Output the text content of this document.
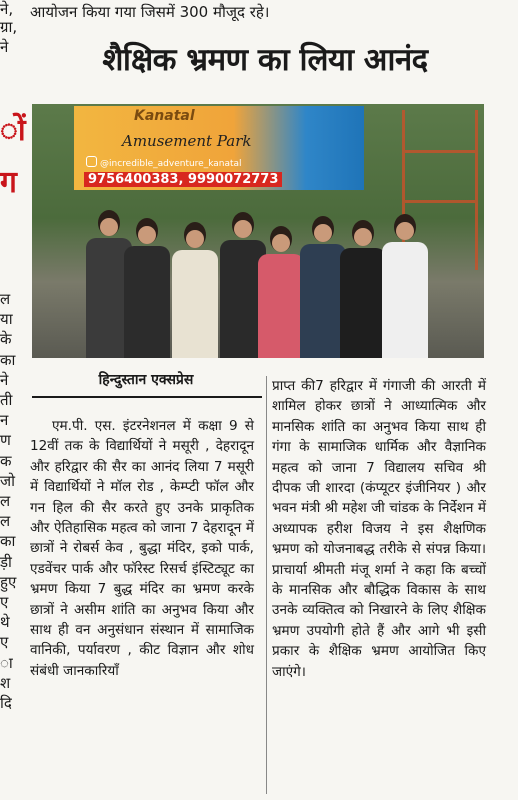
ने,
ग्रा,
ने
ों
ग
ल
या
के
का
ने
ती
न
ण
क
जो
ल
ल
का
ड़ी
हुए
ए
थे
ए
ा
श
दि
आयोजन किया गया जिसमें 300 मौजूद रहे।
शैक्षिक भ्रमण का लिया आनंद
Kanatal
Amusement Park
@incredible_adventure_kanatal
9756400383, 9990072773
हिन्दुस्तान एक्सप्रेस
एम.पी. एस. इंटरनेशनल में कक्षा 9 से 12वीं तक के विद्यार्थियों ने मसूरी , देहरादून और हरिद्वार की सैर का आनंद लिया 7 मसूरी में विद्यार्थियों ने मॉल रोड , केम्प्टी फॉल और गन हिल की सैर करते हुए उनके प्राकृतिक और ऐतिहासिक महत्व को जाना 7 देहरादून में छात्रों ने रोबर्स केव , बुद्धा मंदिर, इको पार्क, एडवेंचर पार्क और फॉरेस्ट रिसर्च इंस्टिट्यूट का भ्रमण किया 7 बुद्ध मंदिर का भ्रमण करके छात्रों ने असीम शांति का अनुभव किया और साथ ही वन अनुसंधान संस्थान में सामाजिक वानिकी, पर्यावरण , कीट विज्ञान और शोध संबंधी जानकारियाँ
प्राप्त की7 हरिद्वार में गंगाजी की आरती में शामिल होकर छात्रों ने आध्यात्मिक और मानसिक शांति का अनुभव किया साथ ही गंगा के सामाजिक धार्मिक और वैज्ञानिक महत्व को जाना 7 विद्यालय सचिव श्री दीपक जी शारदा (कंप्यूटर इंजीनियर ) और भवन मंत्री श्री महेश जी चांडक के निर्देशन में अध्यापक हरीश विजय ने इस शैक्षणिक भ्रमण को योजनाबद्ध तरीके से संपन्न किया। प्राचार्या श्रीमती मंजू शर्मा ने कहा कि बच्चों के मानसिक और बौद्धिक विकास के साथ उनके व्यक्तित्व को निखारने के लिए शैक्षिक भ्रमण उपयोगी होते हैं और आगे भी इसी प्रकार के शैक्षिक भ्रमण आयोजित किए जाएंगे।
